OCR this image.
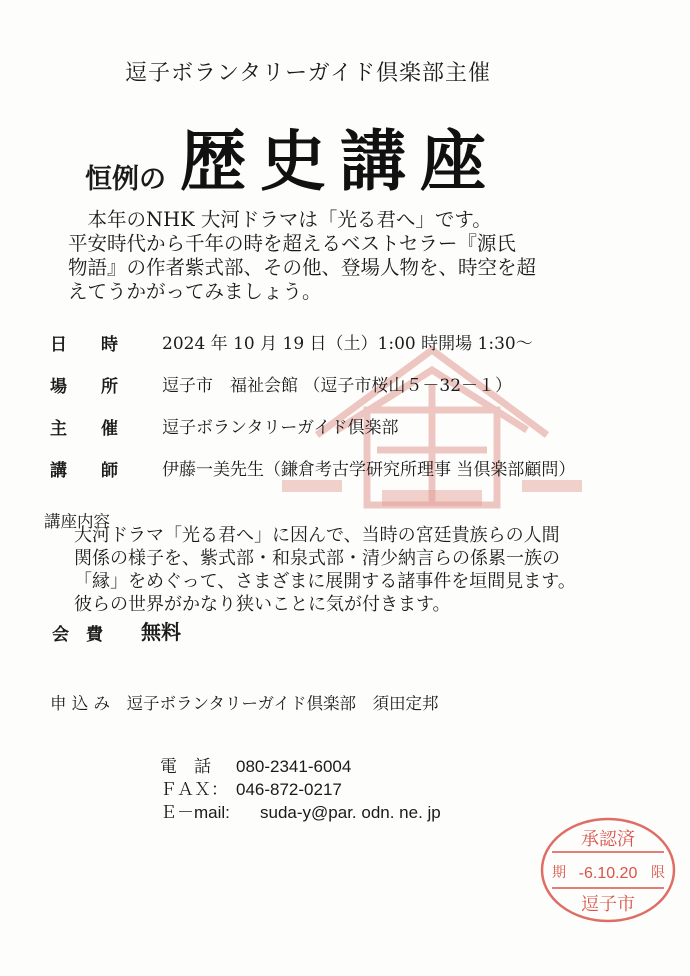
逗子ボランタリーガイド倶楽部主催
恒例の 歴史講座
　本年のNHK 大河ドラマは「光る君へ」です。
平安時代から千年の時を超えるベストセラー『源氏
物語』の作者紫式部、その他、登場人物を、時空を超
えてうかがってみましょう。
日　　時	2024 年 10 月 19 日（土）1:00 時開場 1:30～
場　　所	逗子市　福祉会館 （逗子市桜山５－32－１）
主　　催	逗子ボランタリーガイド倶楽部
講　　師	伊藤一美先生（鎌倉考古学研究所理事 当倶楽部顧問）
講座内容
大河ドラマ「光る君へ」に因んで、当時の宮廷貴族らの人間
関係の様子を、紫式部・和泉式部・清少納言らの係累一族の
「縁」をめぐって、さまざまに展開する諸事件を垣間見ます。
彼らの世界がかなり狭いことに気が付きます。
会　費 無料
申 込 み　逗子ボランタリーガイド倶楽部　須田定邦
電　話 080-2341-6004
ＦＡＸ： 046-872-0217
Ｅ－mail: suda-y@par. odn. ne. jp
承認済
期 -6.10.20 限
逗子市
